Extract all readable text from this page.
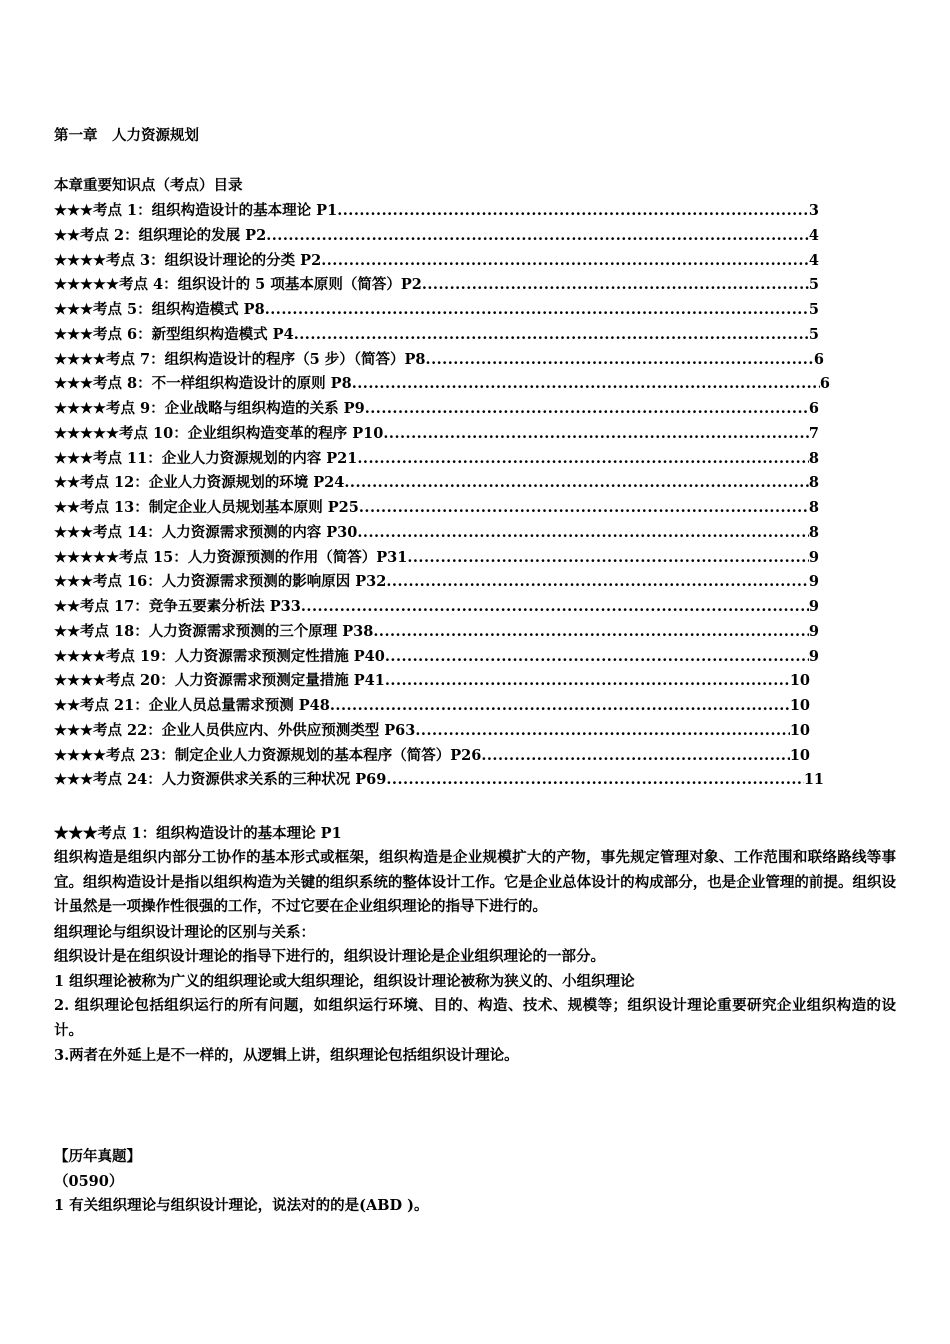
第一章　人力资源规划
本章重要知识点（考点）目录
★★★ 考点 1：组织构造设计的基本理论 P1 .....	3
★★ 考点 2：组织理论的发展 P2 .....	4
★★★★ 考点 3：组织设计理论的分类 P2 .....	4
★★★★★ 考点 4：组织设计的 5 项基本原则（简答）P2 .....	5
★★★ 考点 5：组织构造模式 P8 .....	5
★★★ 考点 6：新型组织构造模式 P4 .....	5
★★★★ 考点 7：组织构造设计的程序（5 步）（简答）P8 .....	6
★★★ 考点 8：不一样组织构造设计的原则 P8 .....	6
★★★★ 考点 9：企业战略与组织构造的关系 P9 .....	6
★★★★★ 考点 10：企业组织构造变革的程序 P10 .....	7
★★★ 考点 11：企业人力资源规划的内容 P21 .....	8
★★ 考点 12：企业人力资源规划的环境 P24 .....	8
★★ 考点 13：制定企业人员规划基本原则 P25 .....	8
★★★ 考点 14：人力资源需求预测的内容 P30 .....	8
★★★★★ 考点 15：人力资源预测的作用（简答）P31 .....	9
★★★ 考点 16：人力资源需求预测的影响原因 P32 .....	9
★★ 考点 17：竞争五要素分析法 P33 .....	9
★★ 考点 18：人力资源需求预测的三个原理 P38 .....	9
★★★★ 考点 19：人力资源需求预测定性措施 P40 .....	9
★★★★ 考点 20：人力资源需求预测定量措施 P41 .....	10
★★ 考点 21：企业人员总量需求预测 P48 .....	10
★★★ 考点 22：企业人员供应内、外供应预测类型 P63 .....	10
★★★★ 考点 23：制定企业人力资源规划的基本程序（简答）P26 .....	10
★★★ 考点 24：人力资源供求关系的三种状况 P69 .....	11
★★★考点 1：组织构造设计的基本理论 P1
组织构造是组织内部分工协作的基本形式或框架，组织构造是企业规模扩大的产物，事先规定管理对象、工作范围和联络路线等事宜。组织构造设计是指以组织构造为关键的组织系统的整体设计工作。它是企业总体设计的构成部分，也是企业管理的前提。组织设计虽然是一项操作性很强的工作，不过它要在企业组织理论的指导下进行的。
组织理论与组织设计理论的区别与关系：
组织设计是在组织设计理论的指导下进行的，组织设计理论是企业组织理论的一部分。
1 组织理论被称为广义的组织理论或大组织理论，组织设计理论被称为狭义的、小组织理论
2. 组织理论包括组织运行的所有问题，如组织运行环境、目的、构造、技术、规模等；组织设计理论重要研究企业组织构造的设计。
3.两者在外延上是不一样的，从逻辑上讲，组织理论包括组织设计理论。
【历年真题】
（0590）
1 有关组织理论与组织设计理论，说法对的的是(ABD )。
